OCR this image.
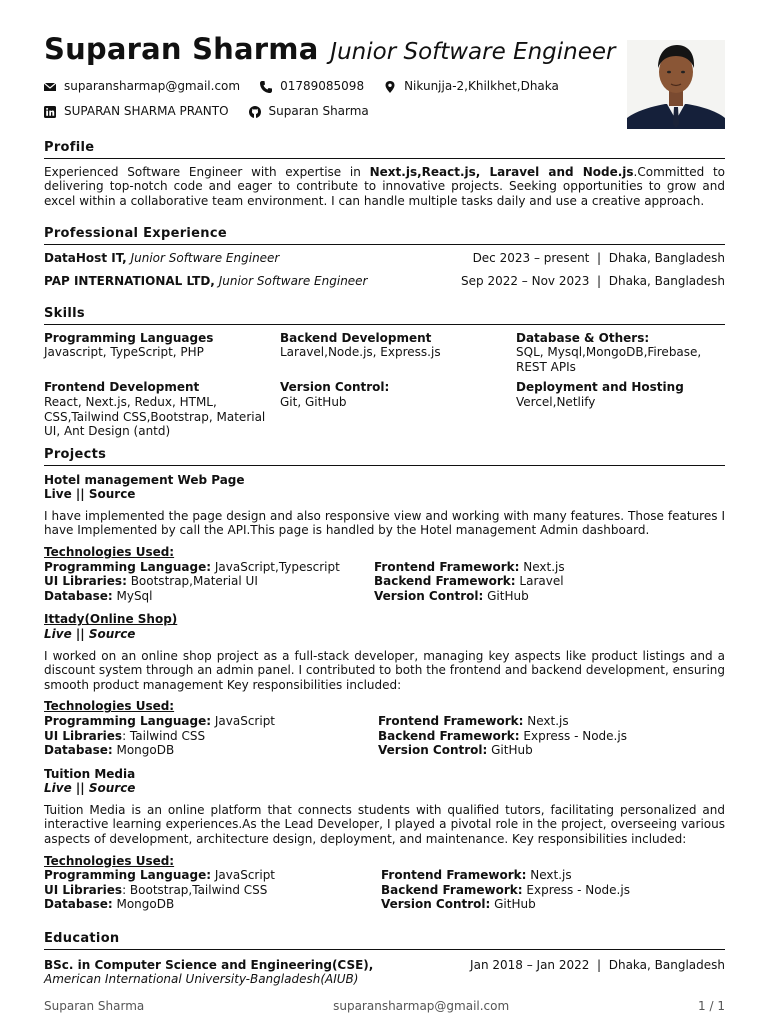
Suparan Sharma Junior Software Engineer
suparansharmap@gmail.com	01789085098	Nikunjja-2,Khilkhet,Dhaka
SUPARAN SHARMA PRANTO	Suparan Sharma
Profile
Experienced Software Engineer with expertise in Next.js,React.js, Laravel and Node.js.Committed to delivering top-notch code and eager to contribute to innovative projects. Seeking opportunities to grow and excel within a collaborative team environment. I can handle multiple tasks daily and use a creative approach.
Professional Experience
DataHost IT, Junior Software Engineer	Dec 2023 – present | Dhaka, Bangladesh
PAP INTERNATIONAL LTD, Junior Software Engineer	Sep 2022 – Nov 2023 | Dhaka, Bangladesh
Skills
Programming Languages
Javascript, TypeScript, PHP
Backend Development
Laravel,Node.js, Express.js
Database & Others:
SQL, Mysql,MongoDB,Firebase, REST APIs
Frontend Development
React, Next.js, Redux, HTML, CSS,Tailwind CSS,Bootstrap, Material UI, Ant Design (antd)
Version Control:
Git, GitHub
Deployment and Hosting
Vercel,Netlify
Projects
Hotel management Web Page
Live || Source
I have implemented the page design and also responsive view and working with many features. Those features I have Implemented by call the API.This page is handled by the Hotel management Admin dashboard.
Technologies Used:
Programming Language: JavaScript,Typescript	Frontend Framework: Next.js
UI Libraries: Bootstrap,Material UI	Backend Framework: Laravel
Database: MySql	Version Control: GitHub
Ittady(Online Shop)
Live || Source
I worked on an online shop project as a full-stack developer, managing key aspects like product listings and a discount system through an admin panel. I contributed to both the frontend and backend development, ensuring smooth product management Key responsibilities included:
Technologies Used:
Programming Language: JavaScript	Frontend Framework: Next.js
UI Libraries: Tailwind CSS	Backend Framework: Express - Node.js
Database: MongoDB	Version Control: GitHub
Tuition Media
Live || Source
Tuition Media is an online platform that connects students with qualified tutors, facilitating personalized and interactive learning experiences.As the Lead Developer, I played a pivotal role in the project, overseeing various aspects of development, architecture design, deployment, and maintenance. Key responsibilities included:
Technologies Used:
Programming Language: JavaScript	Frontend Framework: Next.js
UI Libraries: Bootstrap,Tailwind CSS	Backend Framework: Express - Node.js
Database: MongoDB	Version Control: GitHub
Education
BSc. in Computer Science and Engineering(CSE),
American International University-Bangladesh(AIUB)
Jan 2018 – Jan 2022 | Dhaka, Bangladesh
Suparan Sharma	suparansharmap@gmail.com	1 / 1
